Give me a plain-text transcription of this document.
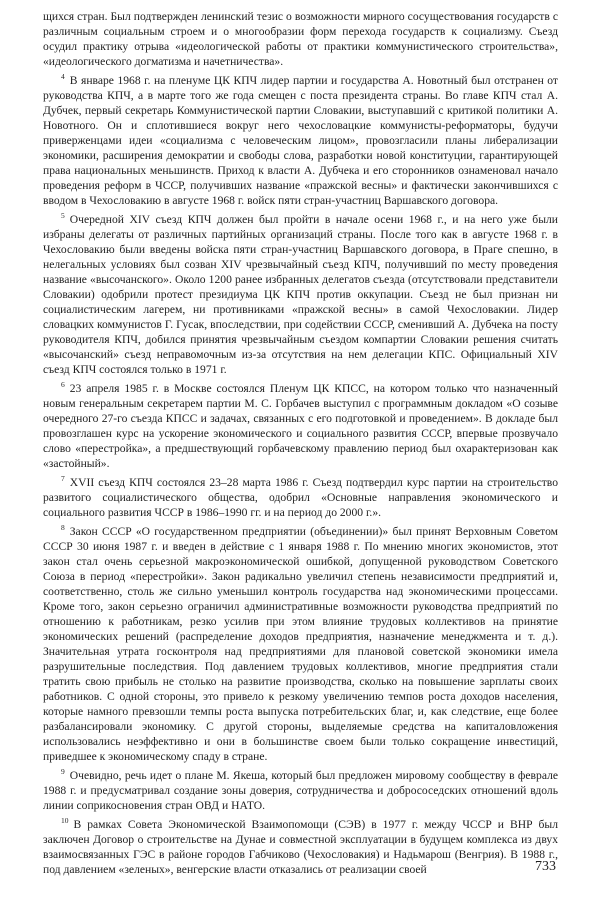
щихся стран. Был подтвержден ленинский тезис о возможности мирного сосуществования государств с различным социальным строем и о многообразии форм перехода государств к социализму. Съезд осудил практику отрыва «идеологической работы от практики коммунистического строительства», «идеологического догматизма и начетничества».

$^4$ В январе 1968 г. на пленуме ЦК КПЧ лидер партии и государства А. Новотный был отстранен от руководства КПЧ, а в марте того же года смещен с поста президента страны. Во главе КПЧ стал А. Дубчек, первый секретарь Коммунистической партии Словакии, выступавший с критикой политики А. Новотного. Он и сплотившиеся вокруг него чехословацкие коммунисты-реформаторы, будучи приверженцами идеи «социализма с человеческим лицом», провозгласили планы либерализации экономики, расширения демократии и свободы слова, разработки новой конституции, гарантирующей права национальных меньшинств. Приход к власти А. Дубчека и его сторонников ознаменовал начало проведения реформ в ЧССР, получивших название «пражской весны» и фактически закончившихся с вводом в Чехословакию в августе 1968 г. войск пяти стран-участниц Варшавского договора.

$^5$ Очередной XIV съезд КПЧ должен был пройти в начале осени 1968 г., и на него уже были избраны делегаты от различных партийных организаций страны. После того как в августе 1968 г. в Чехословакию были введены войска пяти стран-участниц Варшавского договора, в Праге спешно, в нелегальных условиях был созван XIV чрезвычайный съезд КПЧ, получивший по месту проведения название «высочанского». Около 1200 ранее избранных делегатов съезда (отсутствовали представители Словакии) одобрили протест президиума ЦК КПЧ против оккупации. Съезд не был признан ни социалистическим лагерем, ни противниками «пражской весны» в самой Чехословакии. Лидер словацких коммунистов Г. Гусак, впоследствии, при содействии СССР, сменивший А. Дубчека на посту руководителя КПЧ, добился принятия чрезвычайным съездом компартии Словакии решения считать «высочанский» съезд неправомочным из-за отсутствия на нем делегации КПС. Официальный XIV съезд КПЧ состоялся только в 1971 г.

$^6$ 23 апреля 1985 г. в Москве состоялся Пленум ЦК КПСС, на котором только что назначенный новым генеральным секретарем партии М. С. Горбачев выступил с программным докладом «О созыве очередного 27-го съезда КПСС и задачах, связанных с его подготовкой и проведением». В докладе был провозглашен курс на ускорение экономического и социального развития СССР, впервые прозвучало слово «перестройка», а предшествующий горбачевскому правлению период был охарактеризован как «застойный».

$^7$ XVII съезд КПЧ состоялся 23–28 марта 1986 г. Съезд подтвердил курс партии на строительство развитого социалистического общества, одобрил «Основные направления экономического и социального развития ЧССР в 1986–1990 гг. и на период до 2000 г.».

$^8$ Закон СССР «О государственном предприятии (объединении)» был принят Верховным Советом СССР 30 июня 1987 г. и введен в действие с 1 января 1988 г. По мнению многих экономистов, этот закон стал очень серьезной макроэкономической ошибкой, допущенной руководством Советского Союза в период «перестройки». Закон радикально увеличил степень независимости предприятий и, соответственно, столь же сильно уменьшил контроль государства над экономическими процессами. Кроме того, закон серьезно ограничил административные возможности руководства предприятий по отношению к работникам, резко усилив при этом влияние трудовых коллективов на принятие экономических решений (распределение доходов предприятия, назначение менеджмента и т. д.). Значительная утрата госконтроля над предприятиями для плановой советской экономики имела разрушительные последствия. Под давлением трудовых коллективов, многие предприятия стали тратить свою прибыль не столько на развитие производства, сколько на повышение зарплаты своих работников. С одной стороны, это привело к резкому увеличению темпов роста доходов населения, которые намного превзошли темпы роста выпуска потребительских благ, и, как следствие, еще более разбалансировали экономику. С другой стороны, выделяемые средства на капиталовложения использовались неэффективно и они в большинстве своем были только сокращение инвестиций, приведшее к экономическому спаду в стране.

$^9$ Очевидно, речь идет о плане М. Якеша, который был предложен мировому сообществу в феврале 1988 г. и предусматривал создание зоны доверия, сотрудничества и добрососедских отношений вдоль линии соприкосновения стран ОВД и НАТО.

$^{10}$ В рамках Совета Экономической Взаимопомощи (СЭВ) в 1977 г. между ЧССР и ВНР был заключен Договор о строительстве на Дунае и совместной эксплуатации в будущем комплекса из двух взаимосвязанных ГЭС в районе городов Габчиково (Чехословакия) и Надьмарош (Венгрия). В 1988 г., под давлением «зеленых», венгерские власти отказались от реализации своей	733
